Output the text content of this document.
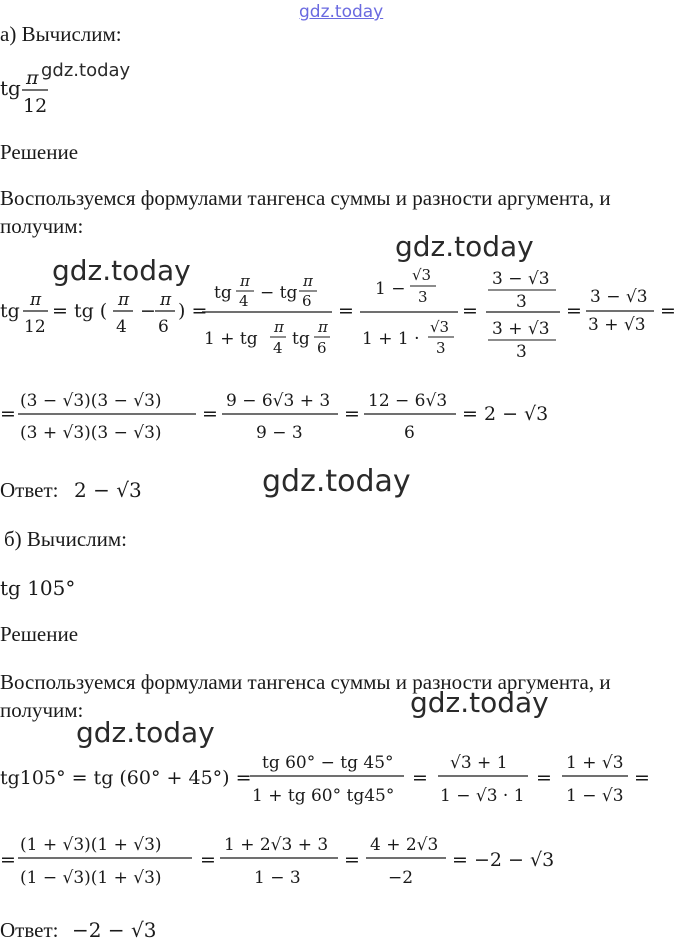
gdz.today
а) Вычислим:
tg π
12
gdz.today
Решение
Воспользуемся формулами тангенса суммы и разности аргумента, и
получим:
gdz.today
gdz.today
tg π
12
= tg ( π
4
− π
6
) =
tg
π
4 − tg
π
6
1 + tg
π
4 tg
π
6
=
1 −
√3
3
1 + 1 ·
√3
3
=
3 − √3
3
3 + √3
3
=
3 − √3
3 + √3
=
=
(3 − √3)(3 − √3)
(3 + √3)(3 − √3)
=
9 − 6√3 + 3
9 − 3
=
12 − 6√3
6
= 2 − √3
Ответ: 2 − √3	gdz.today
б) Вычислим:
tg 105°
Решение
Воспользуемся формулами тангенса суммы и разности аргумента, и
получим:	gdz.today
gdz.today
tg105° = tg (60° + 45°) =
tg 60° − tg 45°
1 + tg 60° tg45°
=
√3 + 1
1 − √3 · 1
=
1 + √3
1 − √3
=
=
(1 + √3)(1 + √3)
(1 − √3)(1 + √3)
=
1 + 2√3 + 3
1 − 3
=
4 + 2√3
−2
= −2 − √3
Ответ: −2 − √3
